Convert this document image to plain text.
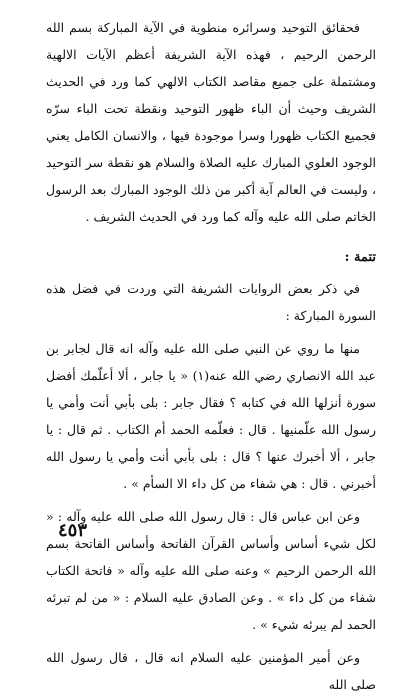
فحقائق التوحيد وسرائره منطوية في الآية المباركة بسم الله الرحمن الرحيم ، فهذه الآية الشريفة أعظم الآيات الالهية ومشتملة على جميع مقاصد الكتاب الالهي كما ورد في الحديث الشريف وحيث أن الباء ظهور التوحيد ونقطة تحت الباء سرّه فجميع الكتاب ظهورا وسرا موجودة فيها ، والانسان الكامل يعني الوجود العلوي المبارك عليه الصلاة والسلام هو نقطة سر التوحيد ، وليست في العالم آية أكبر من ذلك الوجود المبارك بعد الرسول الخاتم صلى الله عليه وآله كما ورد في الحديث الشريف .

تتمة :

في ذكر بعض الروايات الشريفة التي وردت في فضل هذه السورة المباركة :

منها ما روي عن النبي صلى الله عليه وآله انه قال لجابر بن عبد الله الانصاري رضي الله عنه(١) « يا جابر ، ألا أعلّمك أفضل سورة أنزلها الله في كتابه ؟ فقال جابر : بلى بأبي أنت وأمي يا رسول الله علّمنيها . قال : فعلّمه الحمد أم الكتاب . ثم قال : يا جابر ، ألا أخبرك عنها ؟ قال : بلى بأبي أنت وأمي يا رسول الله أخبرني . قال : هي شفاء من كل داء الا السأم » .

وعن ابن عباس قال : قال رسول الله صلى الله عليه وآله : « لكل شيء أساس وأساس القرآن الفاتحة وأساس الفاتحة بسم الله الرحمن الرحيم » وعنه صلى الله عليه وآله « فاتحة الكتاب شفاء من كل داء » . وعن الصادق عليه السلام : « من لم تبرئه الحمد لم يبرئه شيء » .

وعن أمير المؤمنين عليه السلام انه قال ، قال رسول الله صلى الله

٤٥٣
